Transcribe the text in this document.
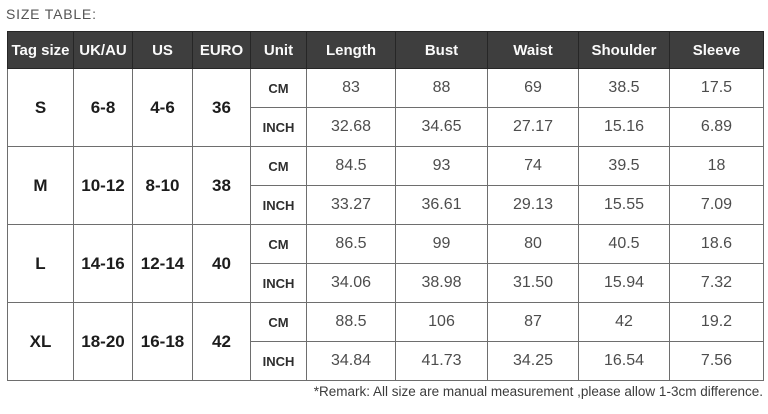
SIZE TABLE:
Tag size	UK/AU	US	EURO	Unit	Length	Bust	Waist	Shoulder	Sleeve
S	6-8	4-6	36	CM	83	88	69	38.5	17.5
				INCH	32.68	34.65	27.17	15.16	6.89
M	10-12	8-10	38	CM	84.5	93	74	39.5	18
				INCH	33.27	36.61	29.13	15.55	7.09
L	14-16	12-14	40	CM	86.5	99	80	40.5	18.6
				INCH	34.06	38.98	31.50	15.94	7.32
XL	18-20	16-18	42	CM	88.5	106	87	42	19.2
				INCH	34.84	41.73	34.25	16.54	7.56
*Remark: All size are manual measurement ,please allow 1-3cm difference.
